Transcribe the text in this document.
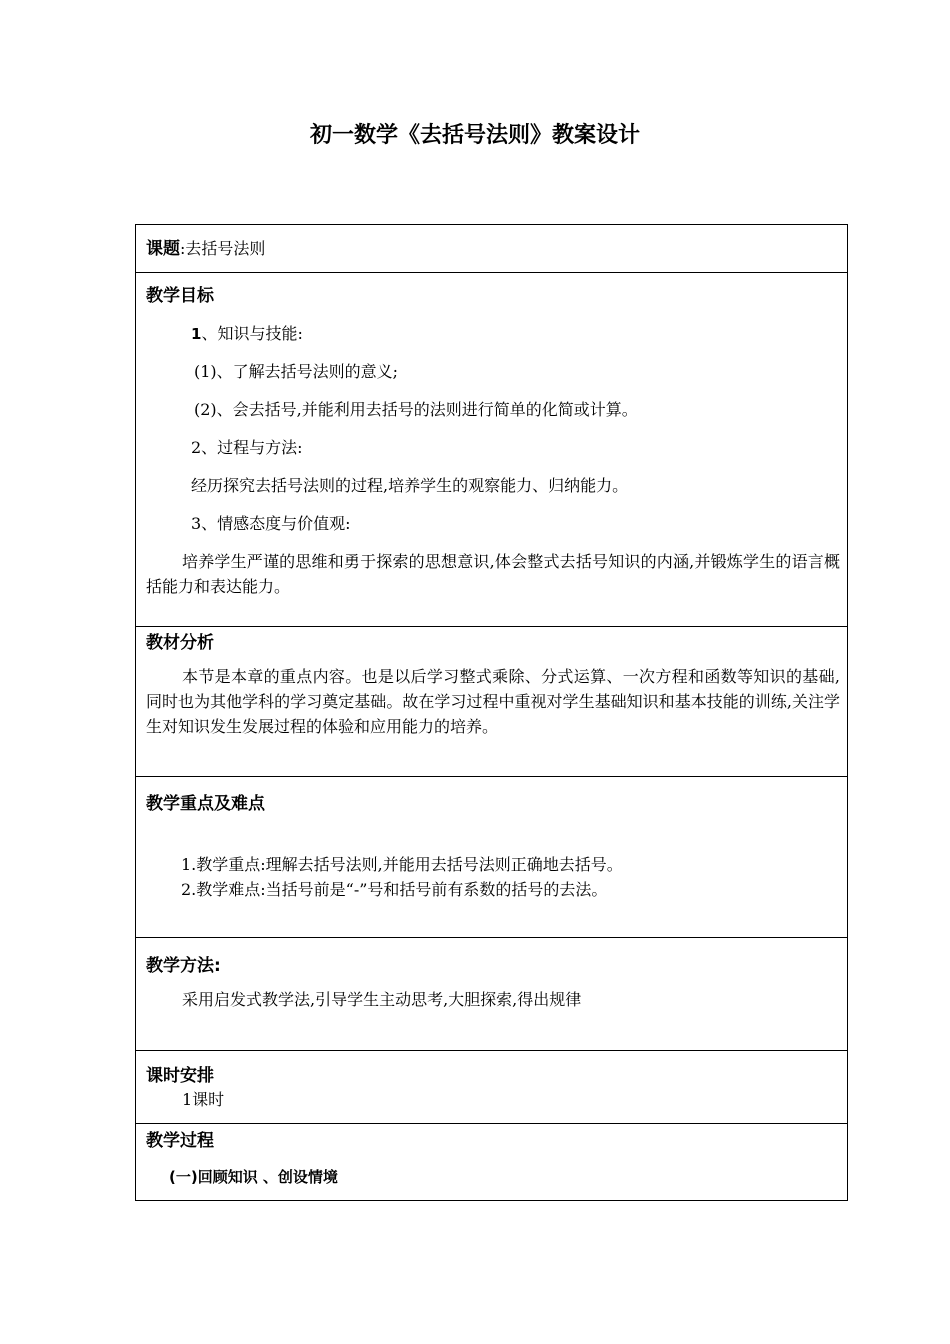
初一数学《去括号法则》教案设计
课题:去括号法则
教学目标
1、知识与技能:
(1)、了解去括号法则的意义;
(2)、会去括号,并能利用去括号的法则进行简单的化简或计算。
2、过程与方法:
经历探究去括号法则的过程,培养学生的观察能力、归纳能力。
3、情感态度与价值观:
培养学生严谨的思维和勇于探索的思想意识,体会整式去括号知识的内涵,并锻炼学生的语言概括能力和表达能力。
教材分析
本节是本章的重点内容。也是以后学习整式乘除、分式运算、一次方程和函数等知识的基础,同时也为其他学科的学习奠定基础。故在学习过程中重视对学生基础知识和基本技能的训练,关注学生对知识发生发展过程的体验和应用能力的培养。
教学重点及难点
1.教学重点:理解去括号法则,并能用去括号法则正确地去括号。
2.教学难点:当括号前是“-”号和括号前有系数的括号的去法。
教学方法:
采用启发式教学法,引导学生主动思考,大胆探索,得出规律
课时安排
1课时
教学过程
(一)回顾知识 、创设情境
